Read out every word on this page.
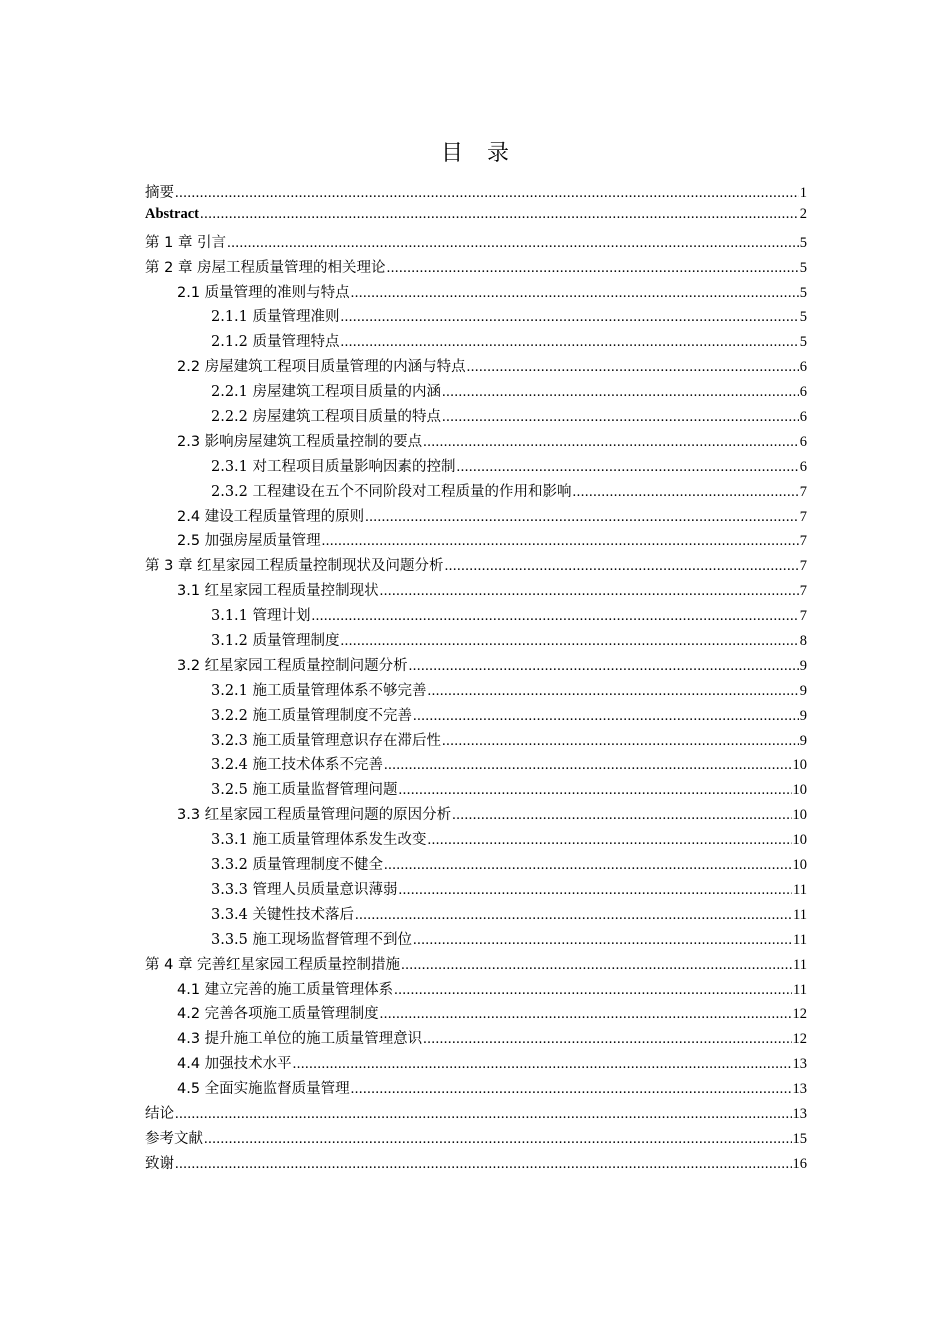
目 录
摘要 .....	1
Abstract .....	2
第 1 章 引言 .....	5
第 2 章 房屋工程质量管理的相关理论 .....	5
2.1 质量管理的准则与特点 .....	5
2.1.1 质量管理准则 .....	5
2.1.2 质量管理特点 .....	5
2.2 房屋建筑工程项目质量管理的内涵与特点 .....	6
2.2.1 房屋建筑工程项目质量的内涵 .....	6
2.2.2 房屋建筑工程项目质量的特点 .....	6
2.3 影响房屋建筑工程质量控制的要点 .....	6
2.3.1 对工程项目质量影响因素的控制 .....	6
2.3.2 工程建设在五个不同阶段对工程质量的作用和影响 .....	7
2.4 建设工程质量管理的原则 .....	7
2.5 加强房屋质量管理 .....	7
第 3 章 红星家园工程质量控制现状及问题分析 .....	7
3.1 红星家园工程质量控制现状 .....	7
3.1.1 管理计划 .....	7
3.1.2 质量管理制度 .....	8
3.2 红星家园工程质量控制问题分析 .....	9
3.2.1 施工质量管理体系不够完善 .....	9
3.2.2 施工质量管理制度不完善 .....	9
3.2.3 施工质量管理意识存在滞后性 .....	9
3.2.4 施工技术体系不完善 .....	10
3.2.5 施工质量监督管理问题 .....	10
3.3 红星家园工程质量管理问题的原因分析 .....	10
3.3.1 施工质量管理体系发生改变 .....	10
3.3.2 质量管理制度不健全 .....	10
3.3.3 管理人员质量意识薄弱 .....	11
3.3.4 关键性技术落后 .....	11
3.3.5 施工现场监督管理不到位 .....	11
第 4 章 完善红星家园工程质量控制措施 .....	11
4.1 建立完善的施工质量管理体系 .....	11
4.2 完善各项施工质量管理制度 .....	12
4.3 提升施工单位的施工质量管理意识 .....	12
4.4 加强技术水平 .....	13
4.5 全面实施监督质量管理 .....	13
结论 .....	13
参考文献 .....	15
致谢 .....	16
